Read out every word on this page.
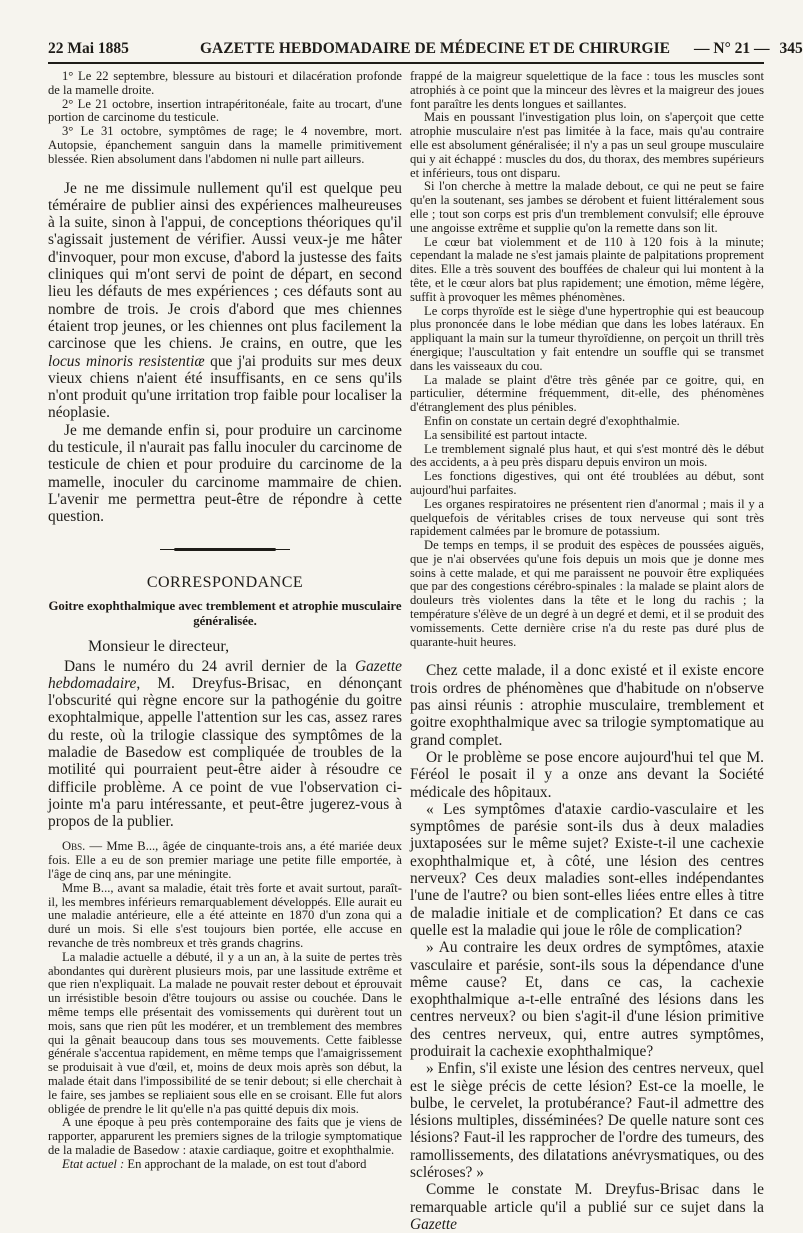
22 Mai 1885	GAZETTE HEBDOMADAIRE DE MÉDECINE ET DE CHIRURGIE	— N° 21 — 345

1° Le 22 septembre, blessure au bistouri et dilacération profonde de la mamelle droite.

2° Le 21 octobre, insertion intrapéritonéale, faite au trocart, d'une portion de carcinome du testicule.

3° Le 31 octobre, symptômes de rage; le 4 novembre, mort. Autopsie, épanchement sanguin dans la mamelle primitivement blessée. Rien absolument dans l'abdomen ni nulle part ailleurs.

Je ne me dissimule nullement qu'il est quelque peu téméraire de publier ainsi des expériences malheureuses à la suite, sinon à l'appui, de conceptions théoriques qu'il s'agissait justement de vérifier. Aussi veux-je me hâter d'invoquer, pour mon excuse, d'abord la justesse des faits cliniques qui m'ont servi de point de départ, en second lieu les défauts de mes expériences ; ces défauts sont au nombre de trois. Je crois d'abord que mes chiennes étaient trop jeunes, or les chiennes ont plus facilement la carcinose que les chiens. Je crains, en outre, que les locus minoris resistentiæ que j'ai produits sur mes deux vieux chiens n'aient été insuffisants, en ce sens qu'ils n'ont produit qu'une irritation trop faible pour localiser la néoplasie.

Je me demande enfin si, pour produire un carcinome du testicule, il n'aurait pas fallu inoculer du carcinome de testicule de chien et pour produire du carcinome de la mamelle, inoculer du carcinome mammaire de chien. L'avenir me permettra peut-être de répondre à cette question.

CORRESPONDANCE
Goitre exophthalmique avec tremblement et atrophie musculaire généralisée.
Monsieur le directeur,

Dans le numéro du 24 avril dernier de la Gazette hebdomadaire, M. Dreyfus-Brisac, en dénonçant l'obscurité qui règne encore sur la pathogénie du goitre exophtalmique, appelle l'attention sur les cas, assez rares du reste, où la trilogie classique des symptômes de la maladie de Basedow est compliquée de troubles de la motilité qui pourraient peut-être aider à résoudre ce difficile problème. A ce point de vue l'observation ci-jointe m'a paru intéressante, et peut-être jugerez-vous à propos de la publier.

Obs. — Mme B..., âgée de cinquante-trois ans, a été mariée deux fois. Elle a eu de son premier mariage une petite fille emportée, à l'âge de cinq ans, par une méningite.

Mme B..., avant sa maladie, était très forte et avait surtout, paraît-il, les membres inférieurs remarquablement développés. Elle aurait eu une maladie antérieure, elle a été atteinte en 1870 d'un zona qui a duré un mois. Si elle s'est toujours bien portée, elle accuse en revanche de très nombreux et très grands chagrins.

La maladie actuelle a débuté, il y a un an, à la suite de pertes très abondantes qui durèrent plusieurs mois, par une lassitude extrême et que rien n'expliquait. La malade ne pouvait rester debout et éprouvait un irrésistible besoin d'être toujours ou assise ou couchée. Dans le même temps elle présentait des vomissements qui durèrent tout un mois, sans que rien pût les modérer, et un tremblement des membres qui la gênait beaucoup dans tous ses mouvements. Cette faiblesse générale s'accentua rapidement, en même temps que l'amaigrissement se produisait à vue d'œil, et, moins de deux mois après son début, la malade était dans l'impossibilité de se tenir debout; si elle cherchait à le faire, ses jambes se repliaient sous elle en se croisant. Elle fut alors obligée de prendre le lit qu'elle n'a pas quitté depuis dix mois.

A une époque à peu près contemporaine des faits que je viens de rapporter, apparurent les premiers signes de la trilogie symptomatique de la maladie de Basedow : ataxie cardiaque, goitre et exophthalmie.

Etat actuel : En approchant de la malade, on est tout d'abord

frappé de la maigreur squelettique de la face : tous les muscles sont atrophiés à ce point que la minceur des lèvres et la maigreur des joues font paraître les dents longues et saillantes.

Mais en poussant l'investigation plus loin, on s'aperçoit que cette atrophie musculaire n'est pas limitée à la face, mais qu'au contraire elle est absolument généralisée; il n'y a pas un seul groupe musculaire qui y ait échappé : muscles du dos, du thorax, des membres supérieurs et inférieurs, tous ont disparu.

Si l'on cherche à mettre la malade debout, ce qui ne peut se faire qu'en la soutenant, ses jambes se dérobent et fuient littéralement sous elle ; tout son corps est pris d'un tremblement convulsif; elle éprouve une angoisse extrême et supplie qu'on la remette dans son lit.

Le cœur bat violemment et de 110 à 120 fois à la minute; cependant la malade ne s'est jamais plainte de palpitations proprement dites. Elle a très souvent des bouffées de chaleur qui lui montent à la tête, et le cœur alors bat plus rapidement; une émotion, même légère, suffit à provoquer les mêmes phénomènes.

Le corps thyroïde est le siège d'une hypertrophie qui est beaucoup plus prononcée dans le lobe médian que dans les lobes latéraux. En appliquant la main sur la tumeur thyroïdienne, on perçoit un thrill très énergique; l'auscultation y fait entendre un souffle qui se transmet dans les vaisseaux du cou.

La malade se plaint d'être très gênée par ce goitre, qui, en particulier, détermine fréquemment, dit-elle, des phénomènes d'étranglement des plus pénibles.

Enfin on constate un certain degré d'exophthalmie.

La sensibilité est partout intacte.

Le tremblement signalé plus haut, et qui s'est montré dès le début des accidents, a à peu près disparu depuis environ un mois.

Les fonctions digestives, qui ont été troublées au début, sont aujourd'hui parfaites.

Les organes respiratoires ne présentent rien d'anormal ; mais il y a quelquefois de véritables crises de toux nerveuse qui sont très rapidement calmées par le bromure de potassium.

De temps en temps, il se produit des espèces de poussées aiguës, que je n'ai observées qu'une fois depuis un mois que je donne mes soins à cette malade, et qui me paraissent ne pouvoir être expliquées que par des congestions cérébro-spinales : la malade se plaint alors de douleurs très violentes dans la tête et le long du rachis ; la température s'élève de un degré à un degré et demi, et il se produit des vomissements. Cette dernière crise n'a du reste pas duré plus de quarante-huit heures.

Chez cette malade, il a donc existé et il existe encore trois ordres de phénomènes que d'habitude on n'observe pas ainsi réunis : atrophie musculaire, tremblement et goitre exophthalmique avec sa trilogie symptomatique au grand complet.

Or le problème se pose encore aujourd'hui tel que M. Féréol le posait il y a onze ans devant la Société médicale des hôpitaux.

« Les symptômes d'ataxie cardio-vasculaire et les symptômes de parésie sont-ils dus à deux maladies juxtaposées sur le même sujet? Existe-t-il une cachexie exophthalmique et, à côté, une lésion des centres nerveux? Ces deux maladies sont-elles indépendantes l'une de l'autre? ou bien sont-elles liées entre elles à titre de maladie initiale et de complication? Et dans ce cas quelle est la maladie qui joue le rôle de complication?

» Au contraire les deux ordres de symptômes, ataxie vasculaire et parésie, sont-ils sous la dépendance d'une même cause? Et, dans ce cas, la cachexie exophthalmique a-t-elle entraîné des lésions dans les centres nerveux? ou bien s'agit-il d'une lésion primitive des centres nerveux, qui, entre autres symptômes, produirait la cachexie exophthalmique?

» Enfin, s'il existe une lésion des centres nerveux, quel est le siège précis de cette lésion? Est-ce la moelle, le bulbe, le cervelet, la protubérance? Faut-il admettre des lésions multiples, disséminées? De quelle nature sont ces lésions? Faut-il les rapprocher de l'ordre des tumeurs, des ramollissements, des dilatations anévrysmatiques, ou des scléroses? »

Comme le constate M. Dreyfus-Brisac dans le remarquable article qu'il a publié sur ce sujet dans la Gazette
